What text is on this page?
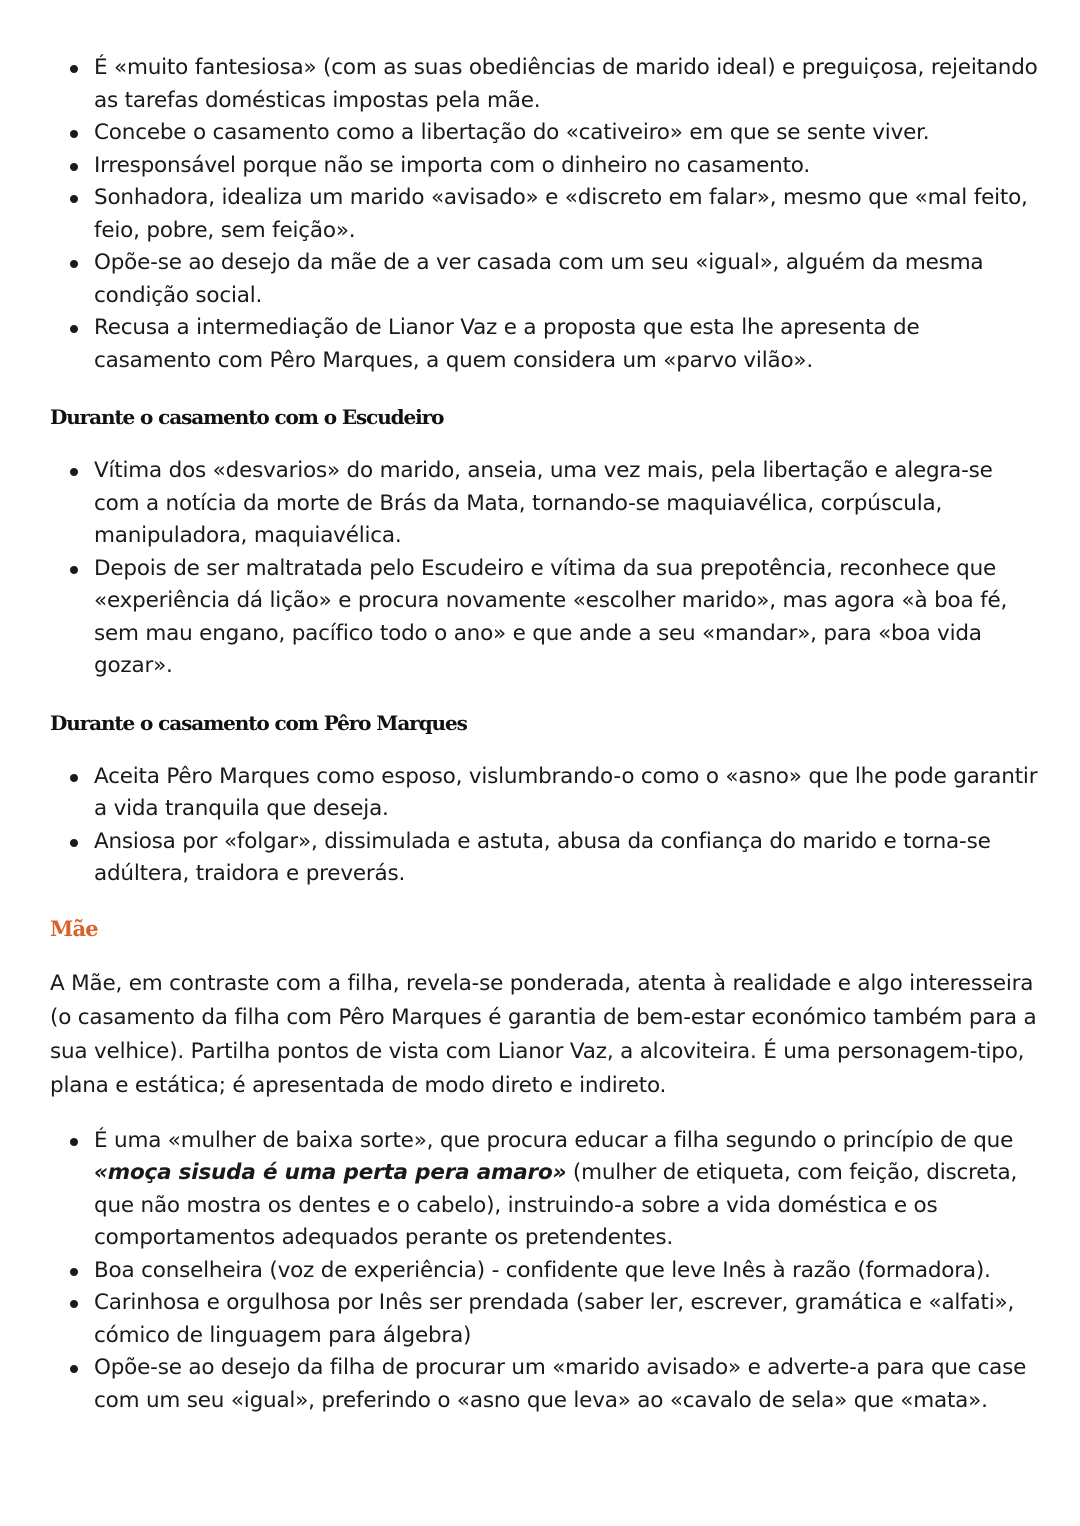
É «muito fantesiosa» (com as suas obediências de marido ideal) e preguiçosa, rejeitando as tarefas domésticas impostas pela mãe.
Concebe o casamento como a libertação do «cativeiro» em que se sente viver.
Irresponsável porque não se importa com o dinheiro no casamento.
Sonhadora, idealiza um marido «avisado» e «discreto em falar», mesmo que «mal feito, feio, pobre, sem feição».
Opõe-se ao desejo da mãe de a ver casada com um seu «igual», alguém da mesma condição social.
Recusa a intermediação de Lianor Vaz e a proposta que esta lhe apresenta de casamento com Pêro Marques, a quem considera um «parvo vilão».
Durante o casamento com o Escudeiro
Vítima dos «desvarios» do marido, anseia, uma vez mais, pela libertação e alegra-se com a notícia da morte de Brás da Mata, tornando-se maquiavélica, corpúscula, manipuladora, maquiavélica.
Depois de ser maltratada pelo Escudeiro e vítima da sua prepotência, reconhece que «experiência dá lição» e procura novamente «escolher marido», mas agora «à boa fé, sem mau engano, pacífico todo o ano» e que ande a seu «mandar», para «boa vida gozar».
Durante o casamento com Pêro Marques
Aceita Pêro Marques como esposo, vislumbrando-o como o «asno» que lhe pode garantir a vida tranquila que deseja.
Ansiosa por «folgar», dissimulada e astuta, abusa da confiança do marido e torna-se adúltera, traidora e preverás.
Mãe

A Mãe, em contraste com a filha, revela-se ponderada, atenta à realidade e algo interesseira (o casamento da filha com Pêro Marques é garantia de bem-estar económico também para a sua velhice). Partilha pontos de vista com Lianor Vaz, a alcoviteira. É uma personagem-tipo, plana e estática; é apresentada de modo direto e indireto.

É uma «mulher de baixa sorte», que procura educar a filha segundo o princípio de que «moça sisuda é uma perta pera amaro» (mulher de etiqueta, com feição, discreta, que não mostra os dentes e o cabelo), instruindo-a sobre a vida doméstica e os comportamentos adequados perante os pretendentes.
Boa conselheira (voz de experiência) - confidente que leve Inês à razão (formadora).
Carinhosa e orgulhosa por Inês ser prendada (saber ler, escrever, gramática e «alfati», cómico de linguagem para álgebra)
Opõe-se ao desejo da filha de procurar um «marido avisado» e adverte-a para que case com um seu «igual», preferindo o «asno que leva» ao «cavalo de sela» que «mata».
